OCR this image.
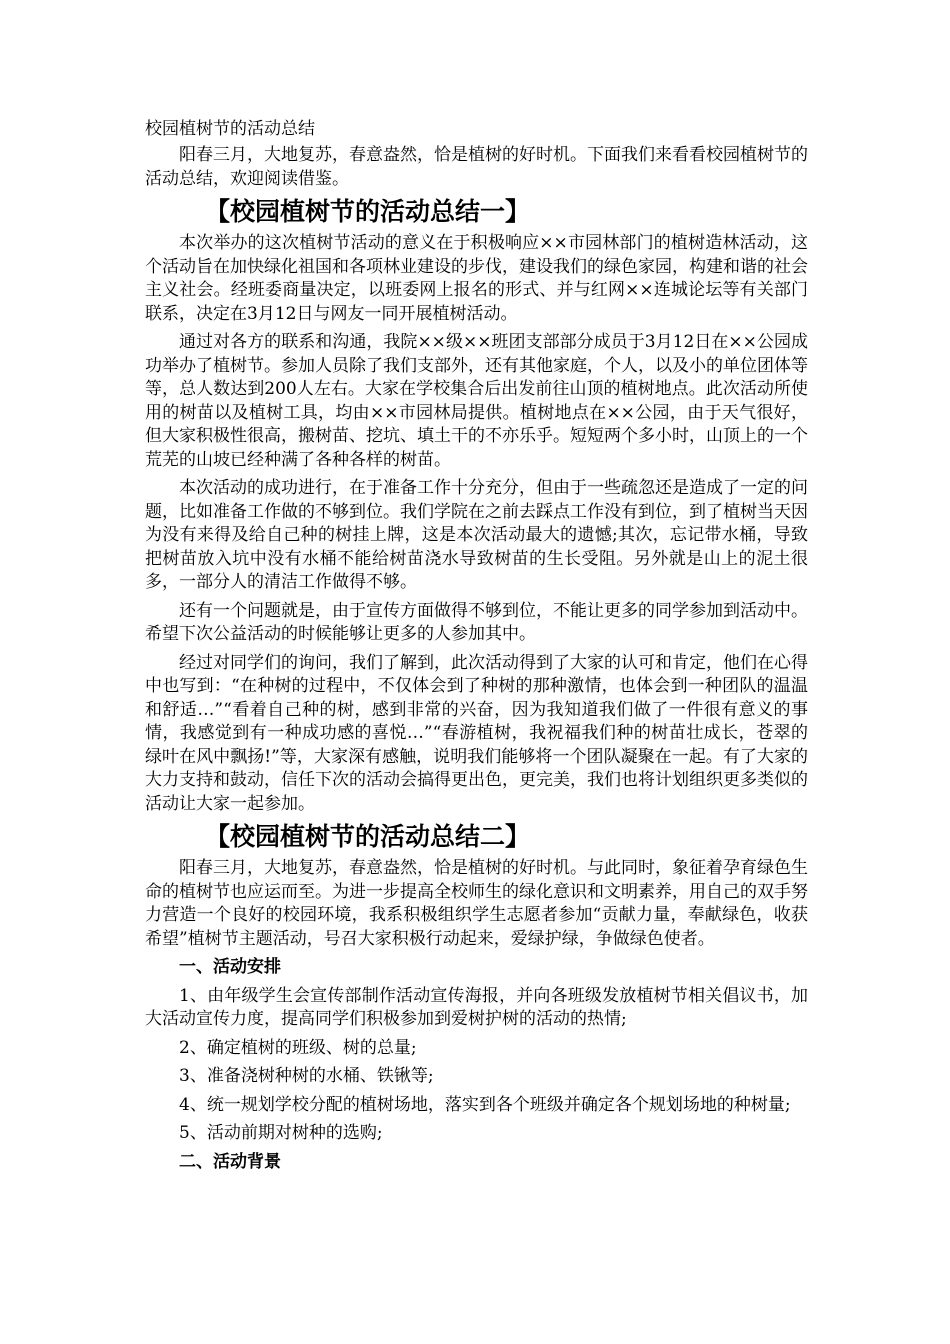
校园植树节的活动总结

阳春三月，大地复苏，春意盎然，恰是植树的好时机。下面我们来看看校园植树节的活动总结，欢迎阅读借鉴。

【校园植树节的活动总结一】

本次举办的这次植树节活动的意义在于积极响应××市园林部门的植树造林活动，这个活动旨在加快绿化祖国和各项林业建设的步伐，建设我们的绿色家园，构建和谐的社会主义社会。经班委商量决定，以班委网上报名的形式、并与红网××连城论坛等有关部门联系，决定在3月12日与网友一同开展植树活动。

通过对各方的联系和沟通，我院××级××班团支部部分成员于3月12日在××公园成功举办了植树节。参加人员除了我们支部外，还有其他家庭，个人，以及小的单位团体等等，总人数达到200人左右。大家在学校集合后出发前往山顶的植树地点。此次活动所使用的树苗以及植树工具，均由××市园林局提供。植树地点在××公园，由于天气很好，但大家积极性很高，搬树苗、挖坑、填土干的不亦乐乎。短短两个多小时，山顶上的一个荒芜的山坡已经种满了各种各样的树苗。

本次活动的成功进行，在于准备工作十分充分，但由于一些疏忽还是造成了一定的问题，比如准备工作做的不够到位。我们学院在之前去踩点工作没有到位，到了植树当天因为没有来得及给自己种的树挂上牌，这是本次活动最大的遗憾;其次，忘记带水桶，导致把树苗放入坑中没有水桶不能给树苗浇水导致树苗的生长受阻。另外就是山上的泥土很多，一部分人的清洁工作做得不够。

还有一个问题就是，由于宣传方面做得不够到位，不能让更多的同学参加到活动中。希望下次公益活动的时候能够让更多的人参加其中。

经过对同学们的询问，我们了解到，此次活动得到了大家的认可和肯定，他们在心得中也写到：“在种树的过程中，不仅体会到了种树的那种激情，也体会到一种团队的温温和舒适…”“看着自己种的树，感到非常的兴奋，因为我知道我们做了一件很有意义的事情，我感觉到有一种成功感的喜悦…”“春游植树，我祝福我们种的树苗壮成长，苍翠的绿叶在风中飘扬!”等，大家深有感触，说明我们能够将一个团队凝聚在一起。有了大家的大力支持和鼓动，信任下次的活动会搞得更出色，更完美，我们也将计划组织更多类似的活动让大家一起参加。

【校园植树节的活动总结二】

阳春三月，大地复苏，春意盎然，恰是植树的好时机。与此同时，象征着孕育绿色生命的植树节也应运而至。为进一步提高全校师生的绿化意识和文明素养，用自己的双手努力营造一个良好的校园环境，我系积极组织学生志愿者参加“贡献力量，奉献绿色，收获希望”植树节主题活动，号召大家积极行动起来，爱绿护绿，争做绿色使者。

一、活动安排

1、由年级学生会宣传部制作活动宣传海报，并向各班级发放植树节相关倡议书，加大活动宣传力度，提高同学们积极参加到爱树护树的活动的热情;

2、确定植树的班级、树的总量;

3、准备浇树种树的水桶、铁锹等;

4、统一规划学校分配的植树场地，落实到各个班级并确定各个规划场地的种树量;

5、活动前期对树种的选购;

二、活动背景
